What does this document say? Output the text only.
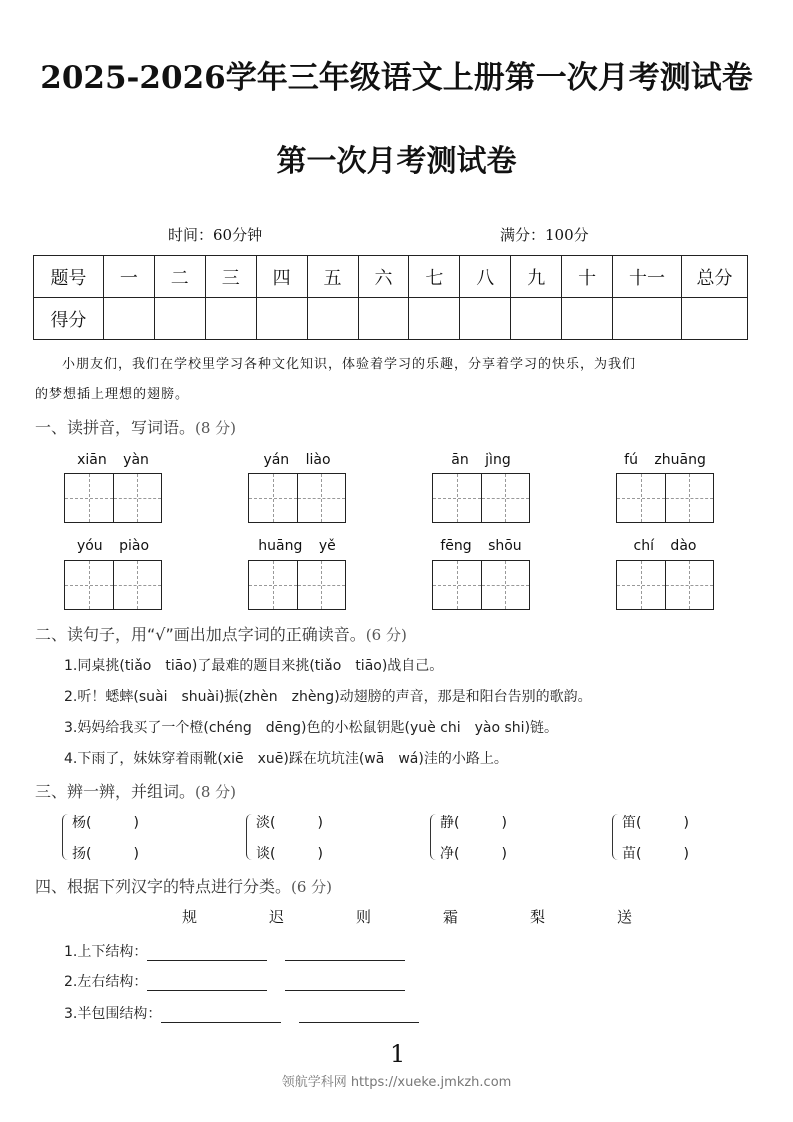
2025-2026学年三年级语文上册第一次月考测试卷
第一次月考测试卷
时间：60分钟	满分：100分
题号	一	二	三	四	五	六	七	八	九	十	十一	总分
得分												
小朋友们，我们在学校里学习各种文化知识，体验着学习的乐趣，分享着学习的快乐，为我们
的梦想插上理想的翅膀。
一、读拼音，写词语。(8 分)
xiān yàn	yán liào	ān jìng	fú zhuāng
yóu piào	huāng yě	fēng shōu	chí dào
二、读句子，用“√”画出加点字词的正确读音。(6 分)
1.同桌挑(tiǎo　tiāo)了最难的题目来挑(tiǎo　tiāo)战自己。
2.听！蟋蟀(suài　shuài)振(zhèn　zhèng)动翅膀的声音，那是和阳台告别的歌韵。
3.妈妈给我买了一个橙(chéng　dēng)色的小松鼠钥匙(yuè chi　yào shi)链。
4.下雨了，妹妹穿着雨靴(xiē　xuē)踩在坑坑洼(wā　wá)洼的小路上。
三、辨一辨，并组词。(8 分)
杨(　　　)
扬(　　　)
淡(　　　)
谈(　　　)
静(　　　)
净(　　　)
笛(　　　)
苗(　　　)
四、根据下列汉字的特点进行分类。(6 分)
规	迟	则	霜	梨	送
1.上下结构：
2.左右结构：
3.半包围结构：
1
领航学科网 https://xueke.jmkzh.com
